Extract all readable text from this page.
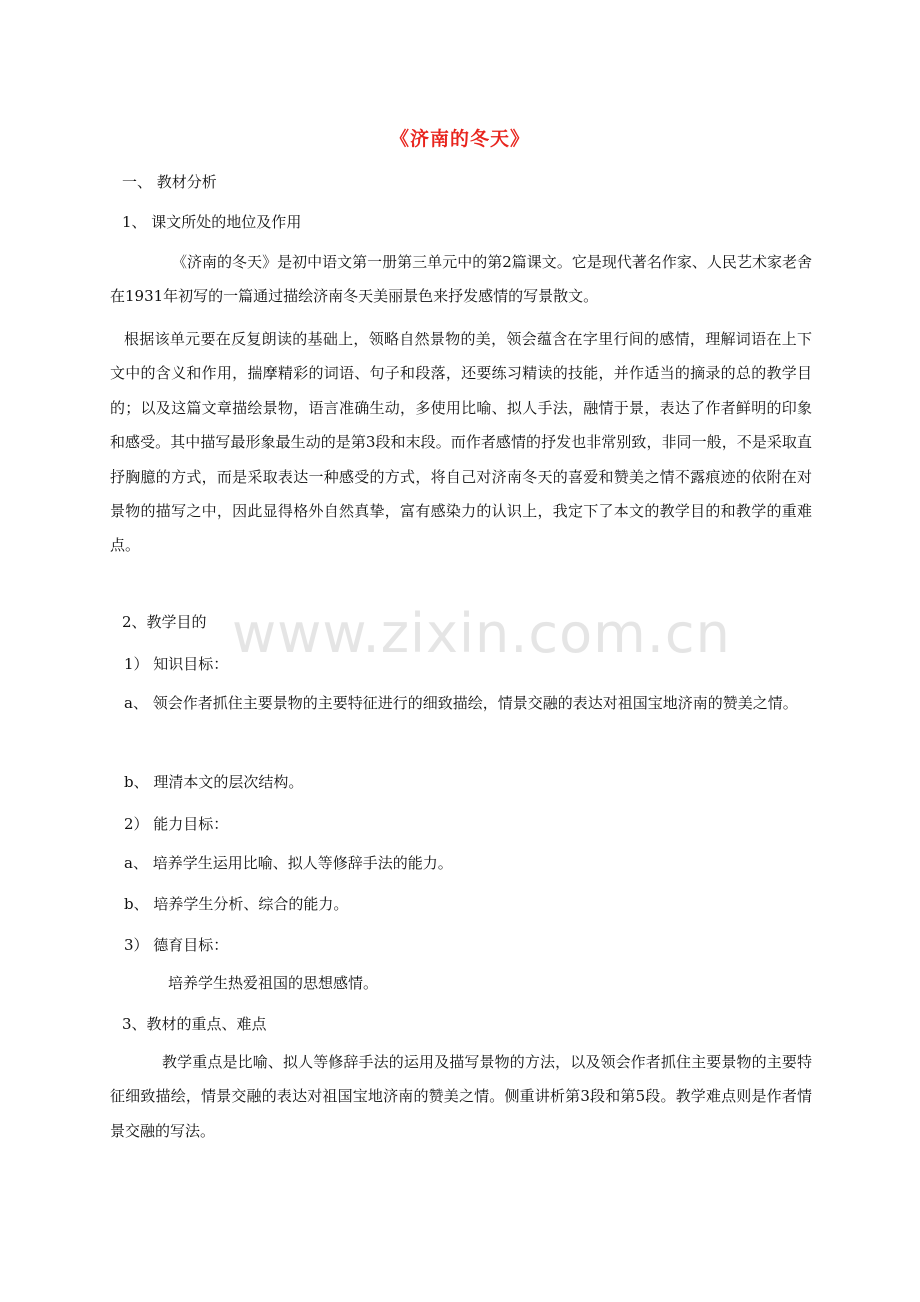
《济南的冬天》
一、 教材分析
1、 课文所处的地位及作用
《济南的冬天》是初中语文第一册第三单元中的第2篇课文。它是现代著名作家、人民艺术家老舍在1931年初写的一篇通过描绘济南冬天美丽景色来抒发感情的写景散文。
根据该单元要在反复朗读的基础上，领略自然景物的美，领会蕴含在字里行间的感情，理解词语在上下文中的含义和作用，揣摩精彩的词语、句子和段落，还要练习精读的技能，并作适当的摘录的总的教学目的；以及这篇文章描绘景物，语言准确生动，多使用比喻、拟人手法，融情于景，表达了作者鲜明的印象和感受。其中描写最形象最生动的是第3段和末段。而作者感情的抒发也非常别致，非同一般，不是采取直抒胸臆的方式，而是采取表达一种感受的方式，将自己对济南冬天的喜爱和赞美之情不露痕迹的依附在对景物的描写之中，因此显得格外自然真挚，富有感染力的认识上，我定下了本文的教学目的和教学的重难点。
2、教学目的
1） 知识目标：
a、 领会作者抓住主要景物的主要特征进行的细致描绘，情景交融的表达对祖国宝地济南的赞美之情。
b、 理清本文的层次结构。
2） 能力目标：
a、 培养学生运用比喻、拟人等修辞手法的能力。
b、 培养学生分析、综合的能力。
3） 德育目标：
培养学生热爱祖国的思想感情。
3、教材的重点、难点
教学重点是比喻、拟人等修辞手法的运用及描写景物的方法，以及领会作者抓住主要景物的主要特征细致描绘，情景交融的表达对祖国宝地济南的赞美之情。侧重讲析第3段和第5段。教学难点则是作者情景交融的写法。
www.zixin.com.cn
